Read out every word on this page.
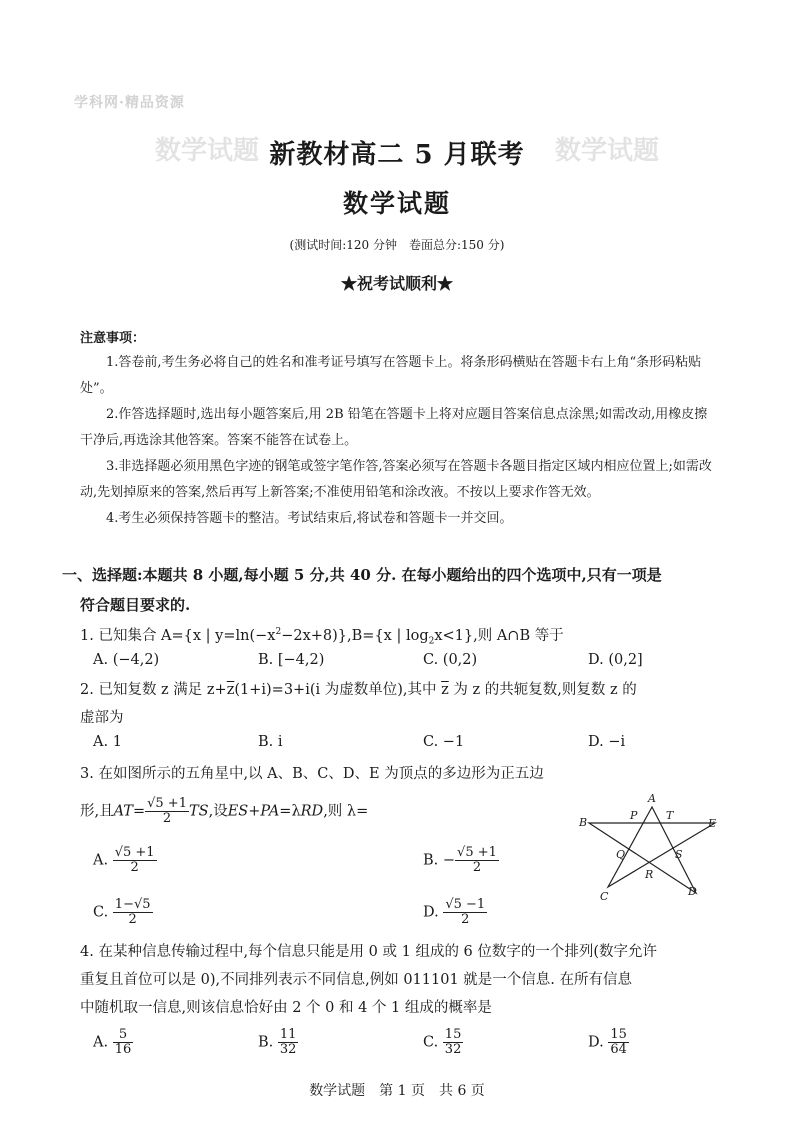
学科网·精品资源
数学试题	数学试题
新教材高二 5 月联考
数学试题
(测试时间:120 分钟　卷面总分:150 分)
★祝考试顺利★
注意事项：
1.答卷前,考生务必将自己的姓名和准考证号填写在答题卡上。将条形码横贴在答题卡右上角“条形码粘贴处”。
2.作答选择题时,选出每小题答案后,用 2B 铅笔在答题卡上将对应题目答案信息点涂黑;如需改动,用橡皮擦干净后,再选涂其他答案。答案不能答在试卷上。
3.非选择题必须用黑色字迹的钢笔或签字笔作答,答案必须写在答题卡各题目指定区域内相应位置上;如需改动,先划掉原来的答案,然后再写上新答案;不准使用铅笔和涂改液。不按以上要求作答无效。
4.考生必须保持答题卡的整洁。考试结束后,将试卷和答题卡一并交回。
一、选择题:本题共 8 小题,每小题 5 分,共 40 分. 在每小题给出的四个选项中,只有一项是
符合题目要求的.
1. 已知集合 A={x | $y=\ln(-x^2-2x+8)\},B=\{x$ | $\log_2x<1$},则 A∩B 等于
A. (−4,2)	B. [−4,2)	C. (0,2)	D. (0,2]
2. 已知复数 z 满足 $z+\overline{z}(1+i)=3+i(i$ 为虚数单位),其中 $\overline{z}$ 为 z 的共轭复数,则复数 z 的
虚部为
A. 1	B. i	C. −1	D. −i
3. 在如图所示的五角星中,以 A、B、C、D、E 为顶点的多边形为正五边
形,且$AT= \frac{√5 +1}{2}$ TS,设ES+PA=λRD,则 λ=
A. $\frac{√5 +1}{2}$	B. − $\frac{√5 +1}{2}$
C. $\frac{1-√5}{2}$	D. $\frac{√5 -1}{2}$
A
B
C	D
E
P	T
Q	S
R
4. 在某种信息传输过程中,每个信息只能是用 0 或 1 组成的 6 位数字的一个排列(数字允许
重复且首位可以是 0),不同排列表示不同信息,例如 011101 就是一个信息. 在所有信息
中随机取一信息,则该信息恰好由 2 个 0 和 4 个 1 组成的概率是
A. $\frac{5}{16}$	B. $\frac{11}{32}$	C. $\frac{15}{32}$	D. $\frac{15}{64}$
数学试题　第 1 页　共 6 页
